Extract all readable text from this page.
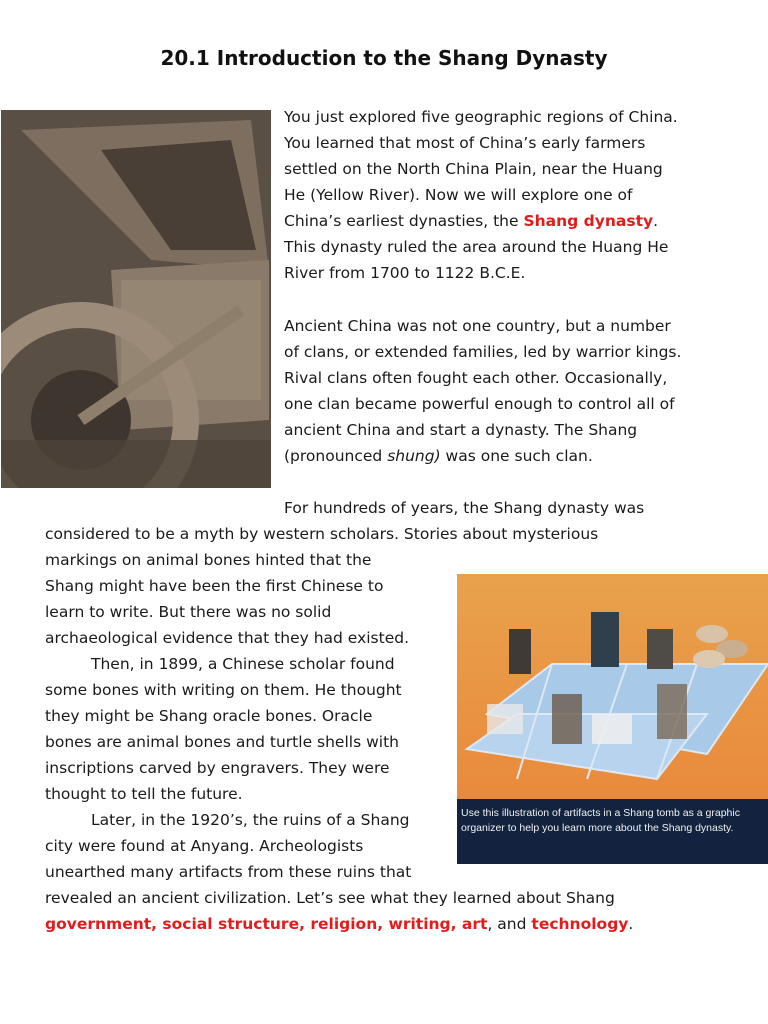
20.1 Introduction to the Shang Dynasty

You just explored five geographic regions of China.

You learned that most of China’s early farmers

settled on the North China Plain, near the Huang

He (Yellow River). Now we will explore one of

China’s earliest dynasties, the Shang dynasty.

This dynasty ruled the area around the Huang He

River from 1700 to 1122 B.C.E.

Ancient China was not one country, but a number

of clans, or extended families, led by warrior kings.

Rival clans often fought each other. Occasionally,

one clan became powerful enough to control all of

ancient China and start a dynasty. The Shang

(pronounced shung) was one such clan.

For hundreds of years, the Shang dynasty was

considered to be a myth by western scholars. Stories about mysterious

markings on animal bones hinted that the

Shang might have been the first Chinese to

learn to write. But there was no solid

archaeological evidence that they had existed.

Then, in 1899, a Chinese scholar found

some bones with writing on them. He thought

they might be Shang oracle bones. Oracle

bones are animal bones and turtle shells with

inscriptions carved by engravers. They were

thought to tell the future.

Later, in the 1920’s, the ruins of a Shang

city were found at Anyang. Archeologists

unearthed many artifacts from these ruins that

revealed an ancient civilization. Let’s see what they learned about Shang

government, social structure, religion, writing, art, and technology.

Use this illustration of artifacts in a Shang tomb as a graphic organizer to help you learn more about the Shang dynasty.
